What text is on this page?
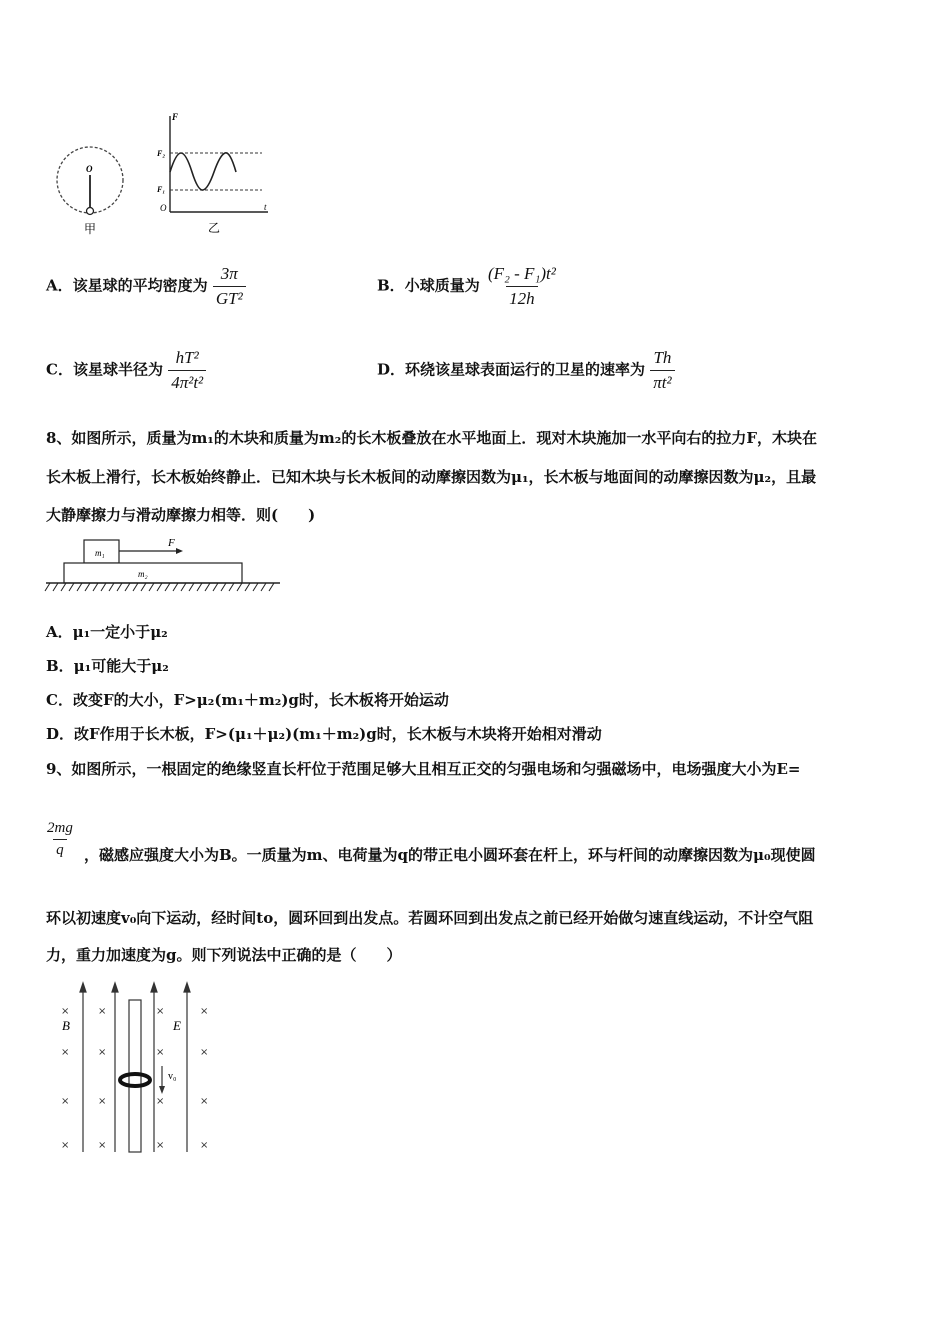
O
甲
F
t
F₂
F₁
O
乙
A．该星球的平均密度为 $\frac{3\pi}{\text{GT²}}$	B．小球质量为 $\frac{\text{(F₂ - F₁)t²}}{12h}$
C．该星球半径为 $\frac{\text{hT²}}{\text{4π²t²}}$	D．环绕该星球表面运行的卫星的速率为 $\frac{Th}{\text{πt²}}$
8、如图所示，质量为m₁的木块和质量为m₂的长木板叠放在水平地面上．现对木块施加一水平向右的拉力F，木块在
长木板上滑行，长木板始终静止．已知木块与长木板间的动摩擦因数为μ₁，长木板与地面间的动摩擦因数为μ₂，且最
大静摩擦力与滑动摩擦力相等．则(　　)
m₁
m₂
F
A．μ₁一定小于μ₂
B．μ₁可能大于μ₂
C．改变F的大小，F>μ₂(m₁＋m₂)g时，长木板将开始运动
D．改F作用于长木板，F>(μ₁＋μ₂)(m₁＋m₂)g时，长木板与木块将开始相对滑动
9、如图所示，一根固定的绝缘竖直长杆位于范围足够大且相互正交的匀强电场和匀强磁场中，电场强度大小为E=
$\frac{2mg}{q}$ ，磁感应强度大小为B。一质量为m、电荷量为q的带正电小圆环套在杆上，环与杆间的动摩擦因数为μ₀现使圆
环以初速度v₀向下运动，经时间to，圆环回到出发点。若圆环回到出发点之前已经开始做匀速直线运动，不计空气阻
力，重力加速度为g。则下列说法中正确的是（　　）
×
×
×
×
×
×
×
×
×
×
×
×
×
×
×
×
B	E
v₀
